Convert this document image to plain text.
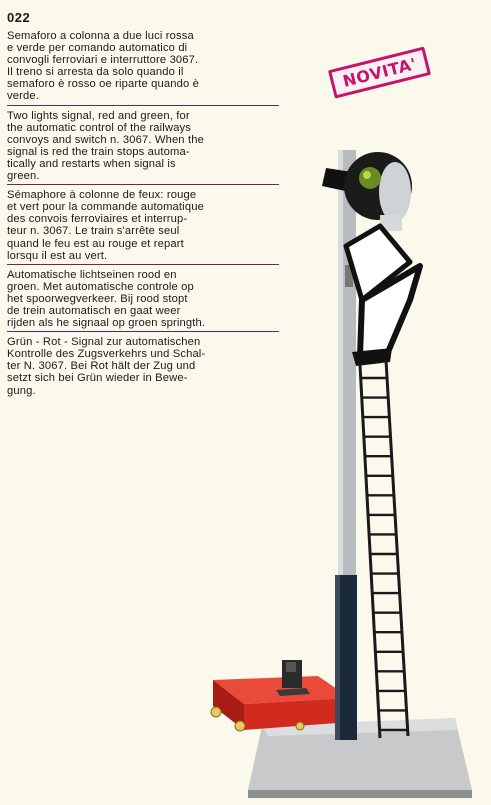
022
Semaforo a colonna a due luci rossa
e verde per comando automatico di
convogli ferroviari e interruttore 3067.
Il treno si arresta da solo quando il
semaforo è rosso oe riparte quando è
verde.
Two lights signal, red and green, for
the automatic control of the railways
convoys and switch n. 3067. When the
signal is red the train stops automa-
tically and restarts when signal is
green.
Sémaphore à colonne de feux: rouge
et vert pour la commande automatique
des convois ferroviaires et interrup-
teur n. 3067. Le train s'arrête seul
quand le feu est au rouge et repart
lorsqu il est au vert.
Automatische lichtseinen rood en
groen. Met automatische controle op
het spoorwegverkeer. Bij rood stopt
de trein automatisch en gaat weer
rijden als he signaal op groen springth.
Grün - Rot - Signal zur automatischen
Kontrolle des Zugsverkehrs und Schal-
ter N. 3067. Bei Rot hält der Zug und
setzt sich bei Grün wieder in Bewe-
gung.
NOVITA'
